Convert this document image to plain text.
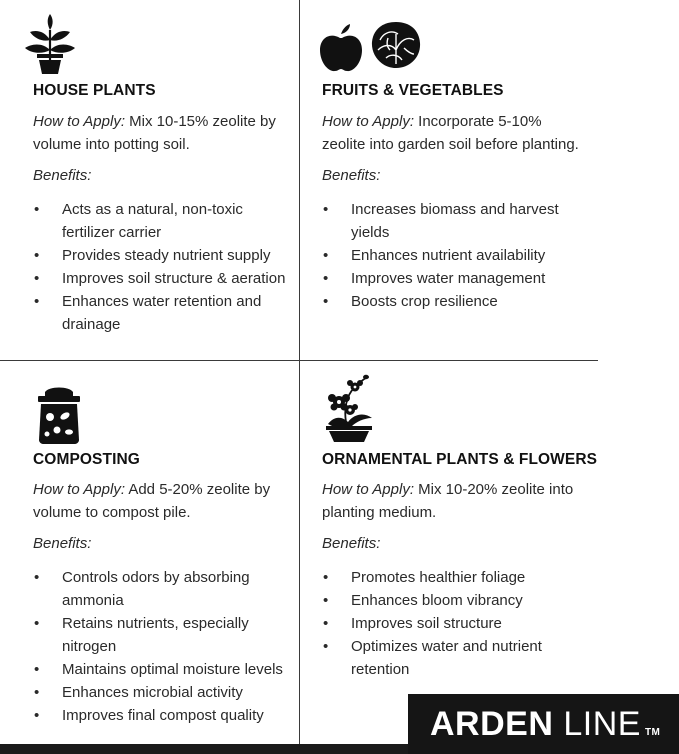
HOUSE PLANTS
How to Apply: Mix 10-15% zeolite by volume into potting soil.
Benefits:
• Acts as a natural, non-toxic fertilizer carrier
• Provides steady nutrient supply
• Improves soil structure & aeration
• Enhances water retention and drainage
FRUITS & VEGETABLES
How to Apply: Incorporate 5-10% zeolite into garden soil before planting.
Benefits:
• Increases biomass and harvest yields
• Enhances nutrient availability
• Improves water management
• Boosts crop resilience
COMPOSTING
How to Apply: Add 5-20% zeolite by volume to compost pile.
Benefits:
• Controls odors by absorbing ammonia
• Retains nutrients, especially nitrogen
• Maintains optimal moisture levels
• Enhances microbial activity
• Improves final compost quality
ORNAMENTAL PLANTS & FLOWERS
How to Apply: Mix 10-20% zeolite into planting medium.
Benefits:
• Promotes healthier foliage
• Enhances bloom vibrancy
• Improves soil structure
• Optimizes water and nutrient retention
ARDEN LINE TM
